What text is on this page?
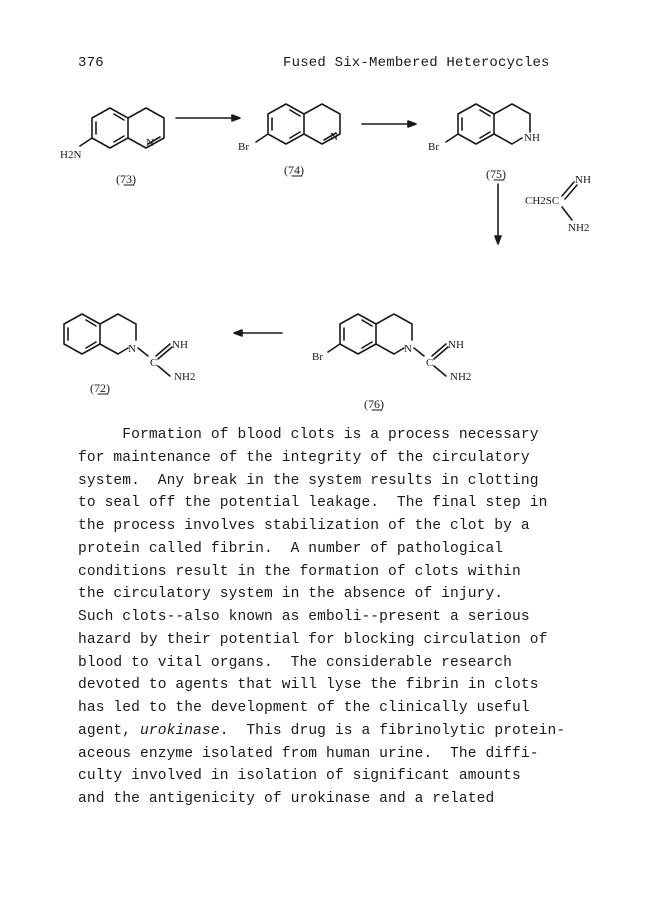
376	Fused Six-Membered Heterocycles
N
H2N
(73)
N
Br
(74)
NH
Br
(75)
CH2SC
NH
NH2
N
C
NH
NH2
Br
(76)
N
C
NH
NH2
(72)
Formation of blood clots is a process necessary
for maintenance of the integrity of the circulatory
system.  Any break in the system results in clotting
to seal off the potential leakage.  The final step in
the process involves stabilization of the clot by a
protein called fibrin.  A number of pathological
conditions result in the formation of clots within
the circulatory system in the absence of injury.
Such clots--also known as emboli--present a serious
hazard by their potential for blocking circulation of
blood to vital organs.  The considerable research
devoted to agents that will lyse the fibrin in clots
has led to the development of the clinically useful
agent, urokinase.  This drug is a fibrinolytic protein-
aceous enzyme isolated from human urine.  The diffi-
culty involved in isolation of significant amounts
and the antigenicity of urokinase and a related
